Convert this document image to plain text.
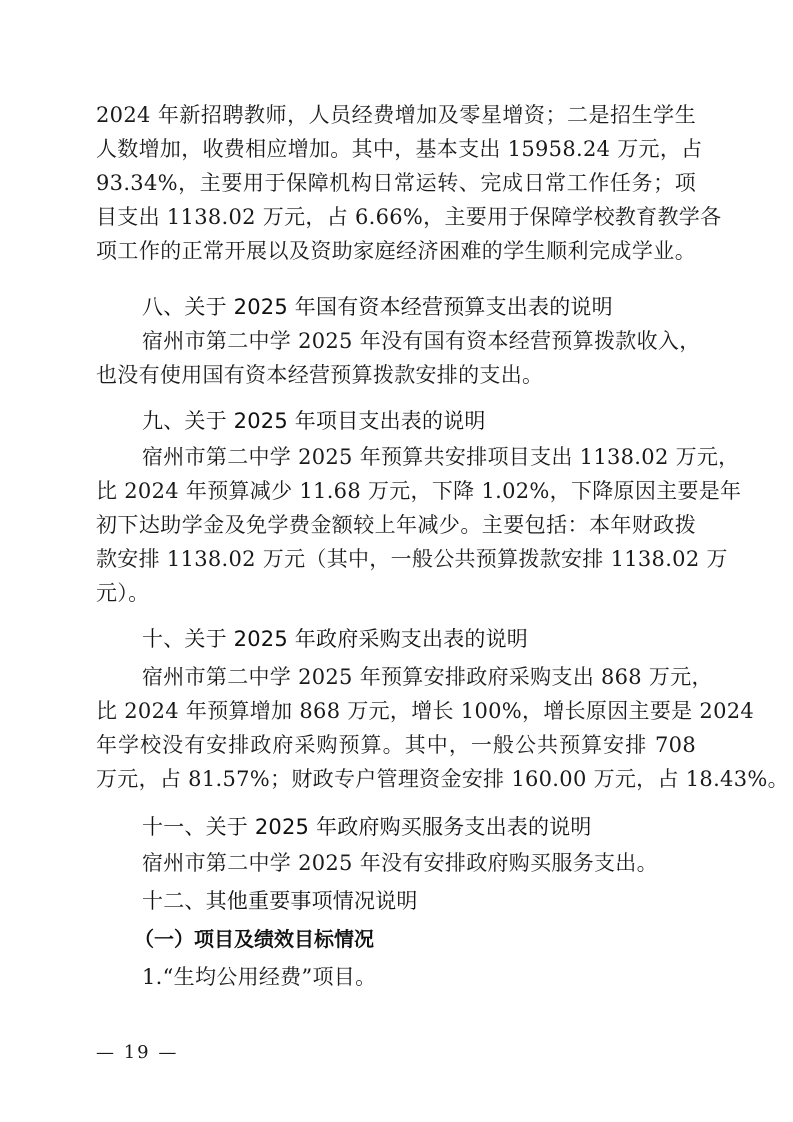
2024 年新招聘教师，人员经费增加及零星增资；二是招生学生
人数增加，收费相应增加。其中，基本支出 15958.24 万元，占
93.34%，主要用于保障机构日常运转、完成日常工作任务；项
目支出 1138.02 万元，占 6.66%，主要用于保障学校教育教学各
项工作的正常开展以及资助家庭经济困难的学生顺利完成学业。
八、关于 2025 年国有资本经营预算支出表的说明
宿州市第二中学 2025 年没有国有资本经营预算拨款收入，
也没有使用国有资本经营预算拨款安排的支出。
九、关于 2025 年项目支出表的说明
宿州市第二中学 2025 年预算共安排项目支出 1138.02 万元，
比 2024 年预算减少 11.68 万元，下降 1.02%，下降原因主要是年
初下达助学金及免学费金额较上年减少。主要包括：本年财政拨
款安排 1138.02 万元（其中，一般公共预算拨款安排 1138.02 万
元）。
十、关于 2025 年政府采购支出表的说明
宿州市第二中学 2025 年预算安排政府采购支出 868 万元，
比 2024 年预算增加 868 万元，增长 100%，增长原因主要是 2024
年学校没有安排政府采购预算。其中，一般公共预算安排 708
万元，占 81.57%；财政专户管理资金安排 160.00 万元，占 18.43%。
十一、关于 2025 年政府购买服务支出表的说明
宿州市第二中学 2025 年没有安排政府购买服务支出。
十二、其他重要事项情况说明
（一）项目及绩效目标情况
1.“生均公用经费”项目。
— 19 —
